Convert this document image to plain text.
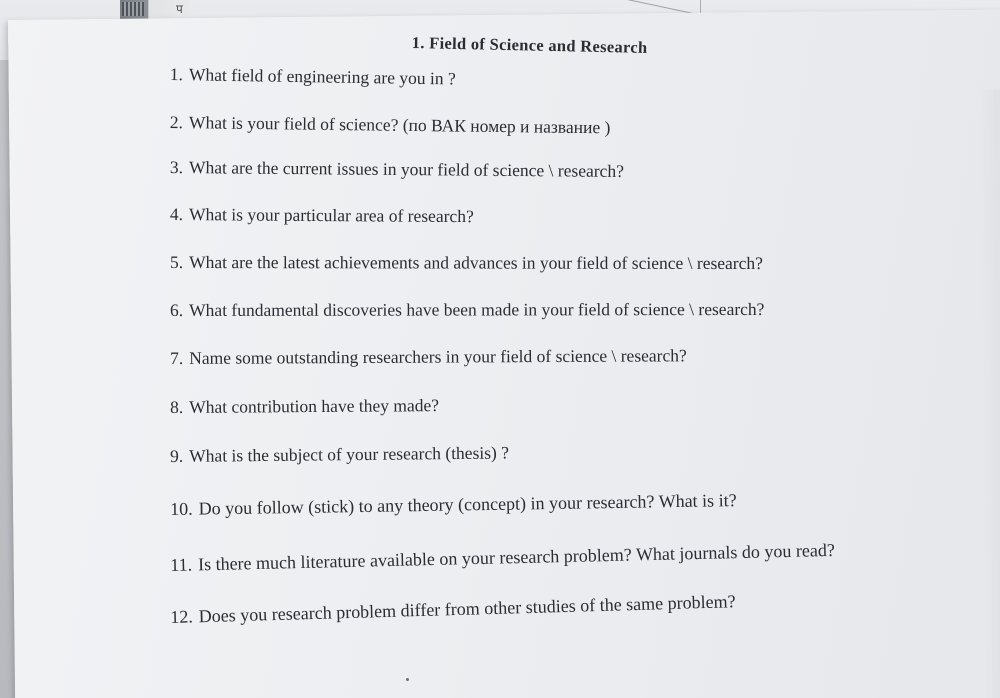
प
1. Field of Science and Research
1. What field of engineering are you in ?
2. What is your field of science? (по ВАК номер и название )
3. What are the current issues in your field of science \ research?
4. What is your particular area of research?
5. What are the latest achievements and advances in your field of science \ research?
6. What fundamental discoveries have been made in your field of science \ research?
7. Name some outstanding researchers in your field of science \ research?
8. What contribution have they made?
9. What is the subject of your research (thesis) ?
10. Do you follow (stick) to any theory (concept) in your research? What is it?
11. Is there much literature available on your research problem? What journals do you read?
12. Does you research problem differ from other studies of the same problem?
